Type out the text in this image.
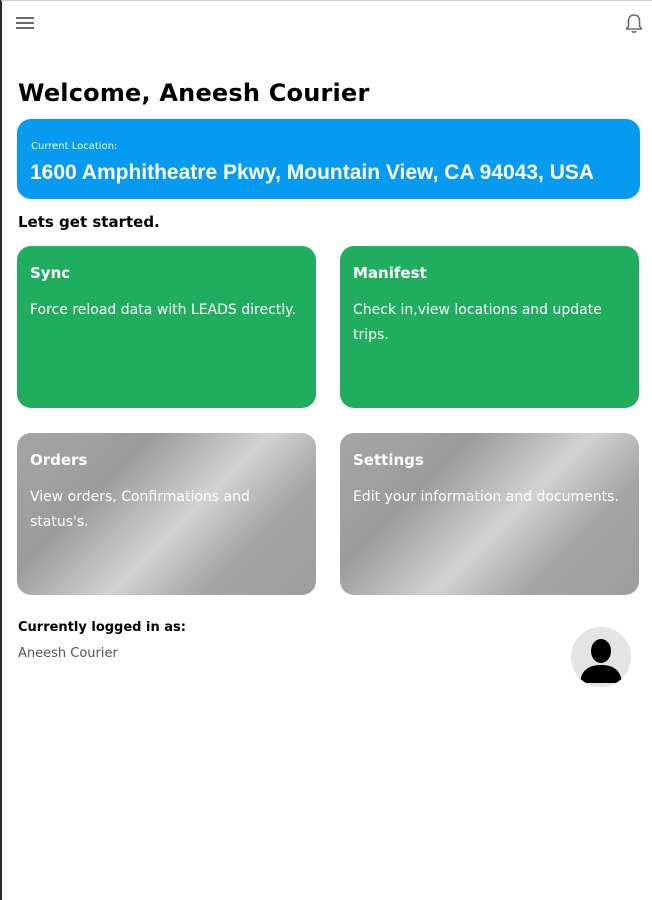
Welcome, Aneesh Courier
Current Location:
1600 Amphitheatre Pkwy, Mountain View, CA 94043, USA
Lets get started.
Sync
Force reload data with LEADS directly.
Manifest
Check in,view locations and update trips.
Orders
View orders, Confirmations and status's.
Settings
Edit your information and documents.
Currently logged in as:
Aneesh Courier
